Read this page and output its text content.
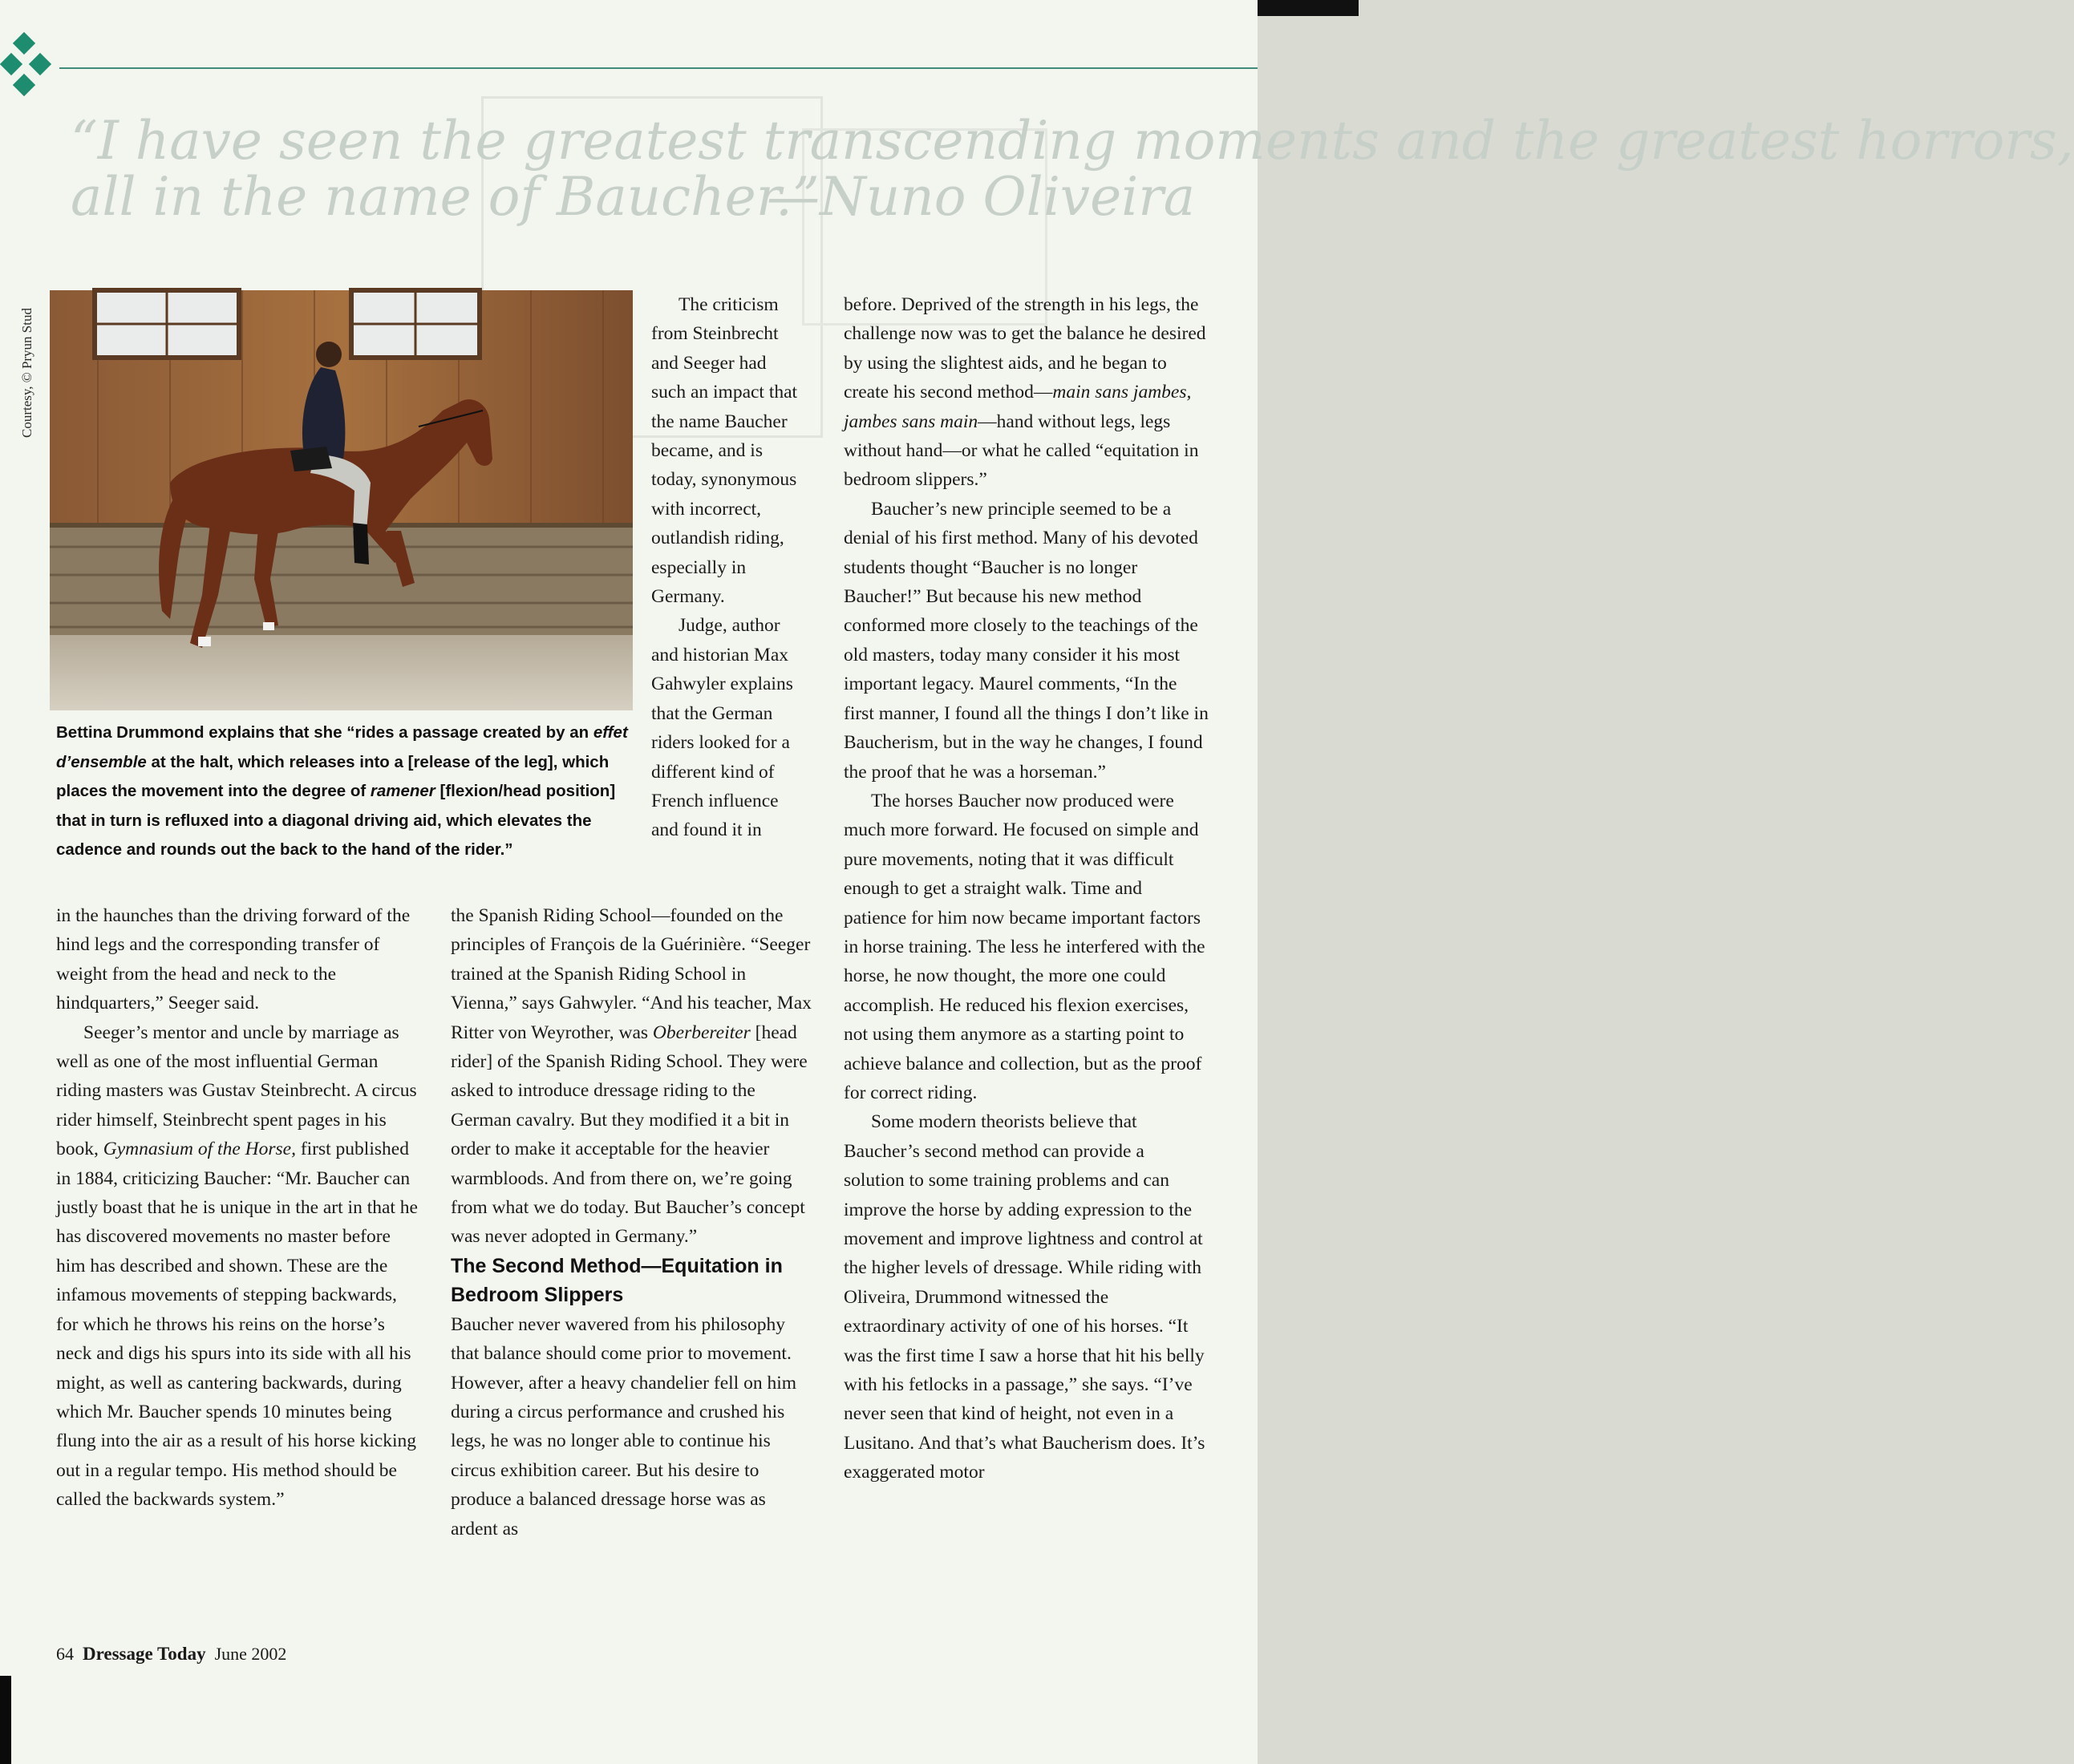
“I have seen the greatest transcending moments and the greatest horrors,
all in the name of Baucher.”
—Nuno Oliveira
Courtesy, © Pryun Stud
Bettina Drummond explains that she “rides a passage created by an effet d’ensemble at the halt, which releases into a [release of the leg], which places the movement into the degree of ramener [flexion/head position] that in turn is refluxed into a diagonal driving aid, which elevates the cadence and rounds out the back to the hand of the rider.”

The criticism from Steinbrecht and Seeger had such an impact that the name Baucher became, and is today, synonymous with incorrect, outlandish riding, especially in Germany.

Judge, author and historian Max Gahwyler explains that the German riders looked for a different kind of French influence and found it in

in the haunches than the driving forward of the hind legs and the corresponding transfer of weight from the head and neck to the hindquarters,” Seeger said.

Seeger’s mentor and uncle by marriage as well as one of the most influential German riding masters was Gustav Steinbrecht. A circus rider himself, Steinbrecht spent pages in his book, Gymnasium of the Horse, first published in 1884, criticizing Baucher: “Mr. Baucher can justly boast that he is unique in the art in that he has discovered movements no master before him has described and shown. These are the infamous movements of stepping backwards, for which he throws his reins on the horse’s neck and digs his spurs into its side with all his might, as well as cantering backwards, during which Mr. Baucher spends 10 minutes being flung into the air as a result of his horse kicking out in a regular tempo. His method should be called the backwards system.”

the Spanish Riding School—founded on the principles of François de la Guérinière. “Seeger trained at the Spanish Riding School in Vienna,” says Gahwyler. “And his teacher, Max Ritter von Weyrother, was Oberbereiter [head rider] of the Spanish Riding School. They were asked to introduce dressage riding to the German cavalry. But they modified it a bit in order to make it acceptable for the heavier warmbloods. And from there on, we’re going from what we do today. But Baucher’s concept was never adopted in Germany.”

The Second Method—Equitation in Bedroom Slippers

Baucher never wavered from his philosophy that balance should come prior to movement. However, after a heavy chandelier fell on him during a circus performance and crushed his legs, he was no longer able to continue his circus exhibition career. But his desire to produce a balanced dressage horse was as ardent as

before. Deprived of the strength in his legs, the challenge now was to get the balance he desired by using the slightest aids, and he began to create his second method—main sans jambes, jambes sans main—hand without legs, legs without hand—or what he called “equitation in bedroom slippers.”

Baucher’s new principle seemed to be a denial of his first method. Many of his devoted students thought “Baucher is no longer Baucher!” But because his new method conformed more closely to the teachings of the old masters, today many consider it his most important legacy. Maurel comments, “In the first manner, I found all the things I don’t like in Baucherism, but in the way he changes, I found the proof that he was a horseman.”

The horses Baucher now produced were much more forward. He focused on simple and pure movements, noting that it was difficult enough to get a straight walk. Time and patience for him now became important factors in horse training. The less he interfered with the horse, he now thought, the more one could accomplish. He reduced his flexion exercises, not using them anymore as a starting point to achieve balance and collection, but as the proof for correct riding.

Some modern theorists believe that Baucher’s second method can provide a solution to some training problems and can improve the horse by adding expression to the movement and improve lightness and control at the higher levels of dressage. While riding with Oliveira, Drummond witnessed the extraordinary activity of one of his horses. “It was the first time I saw a horse that hit his belly with his fetlocks in a passage,” she says. “I’ve never seen that kind of height, not even in a Lusitano. And that’s what Baucherism does. It’s exaggerated motor

64 Dressage Today June 2002
